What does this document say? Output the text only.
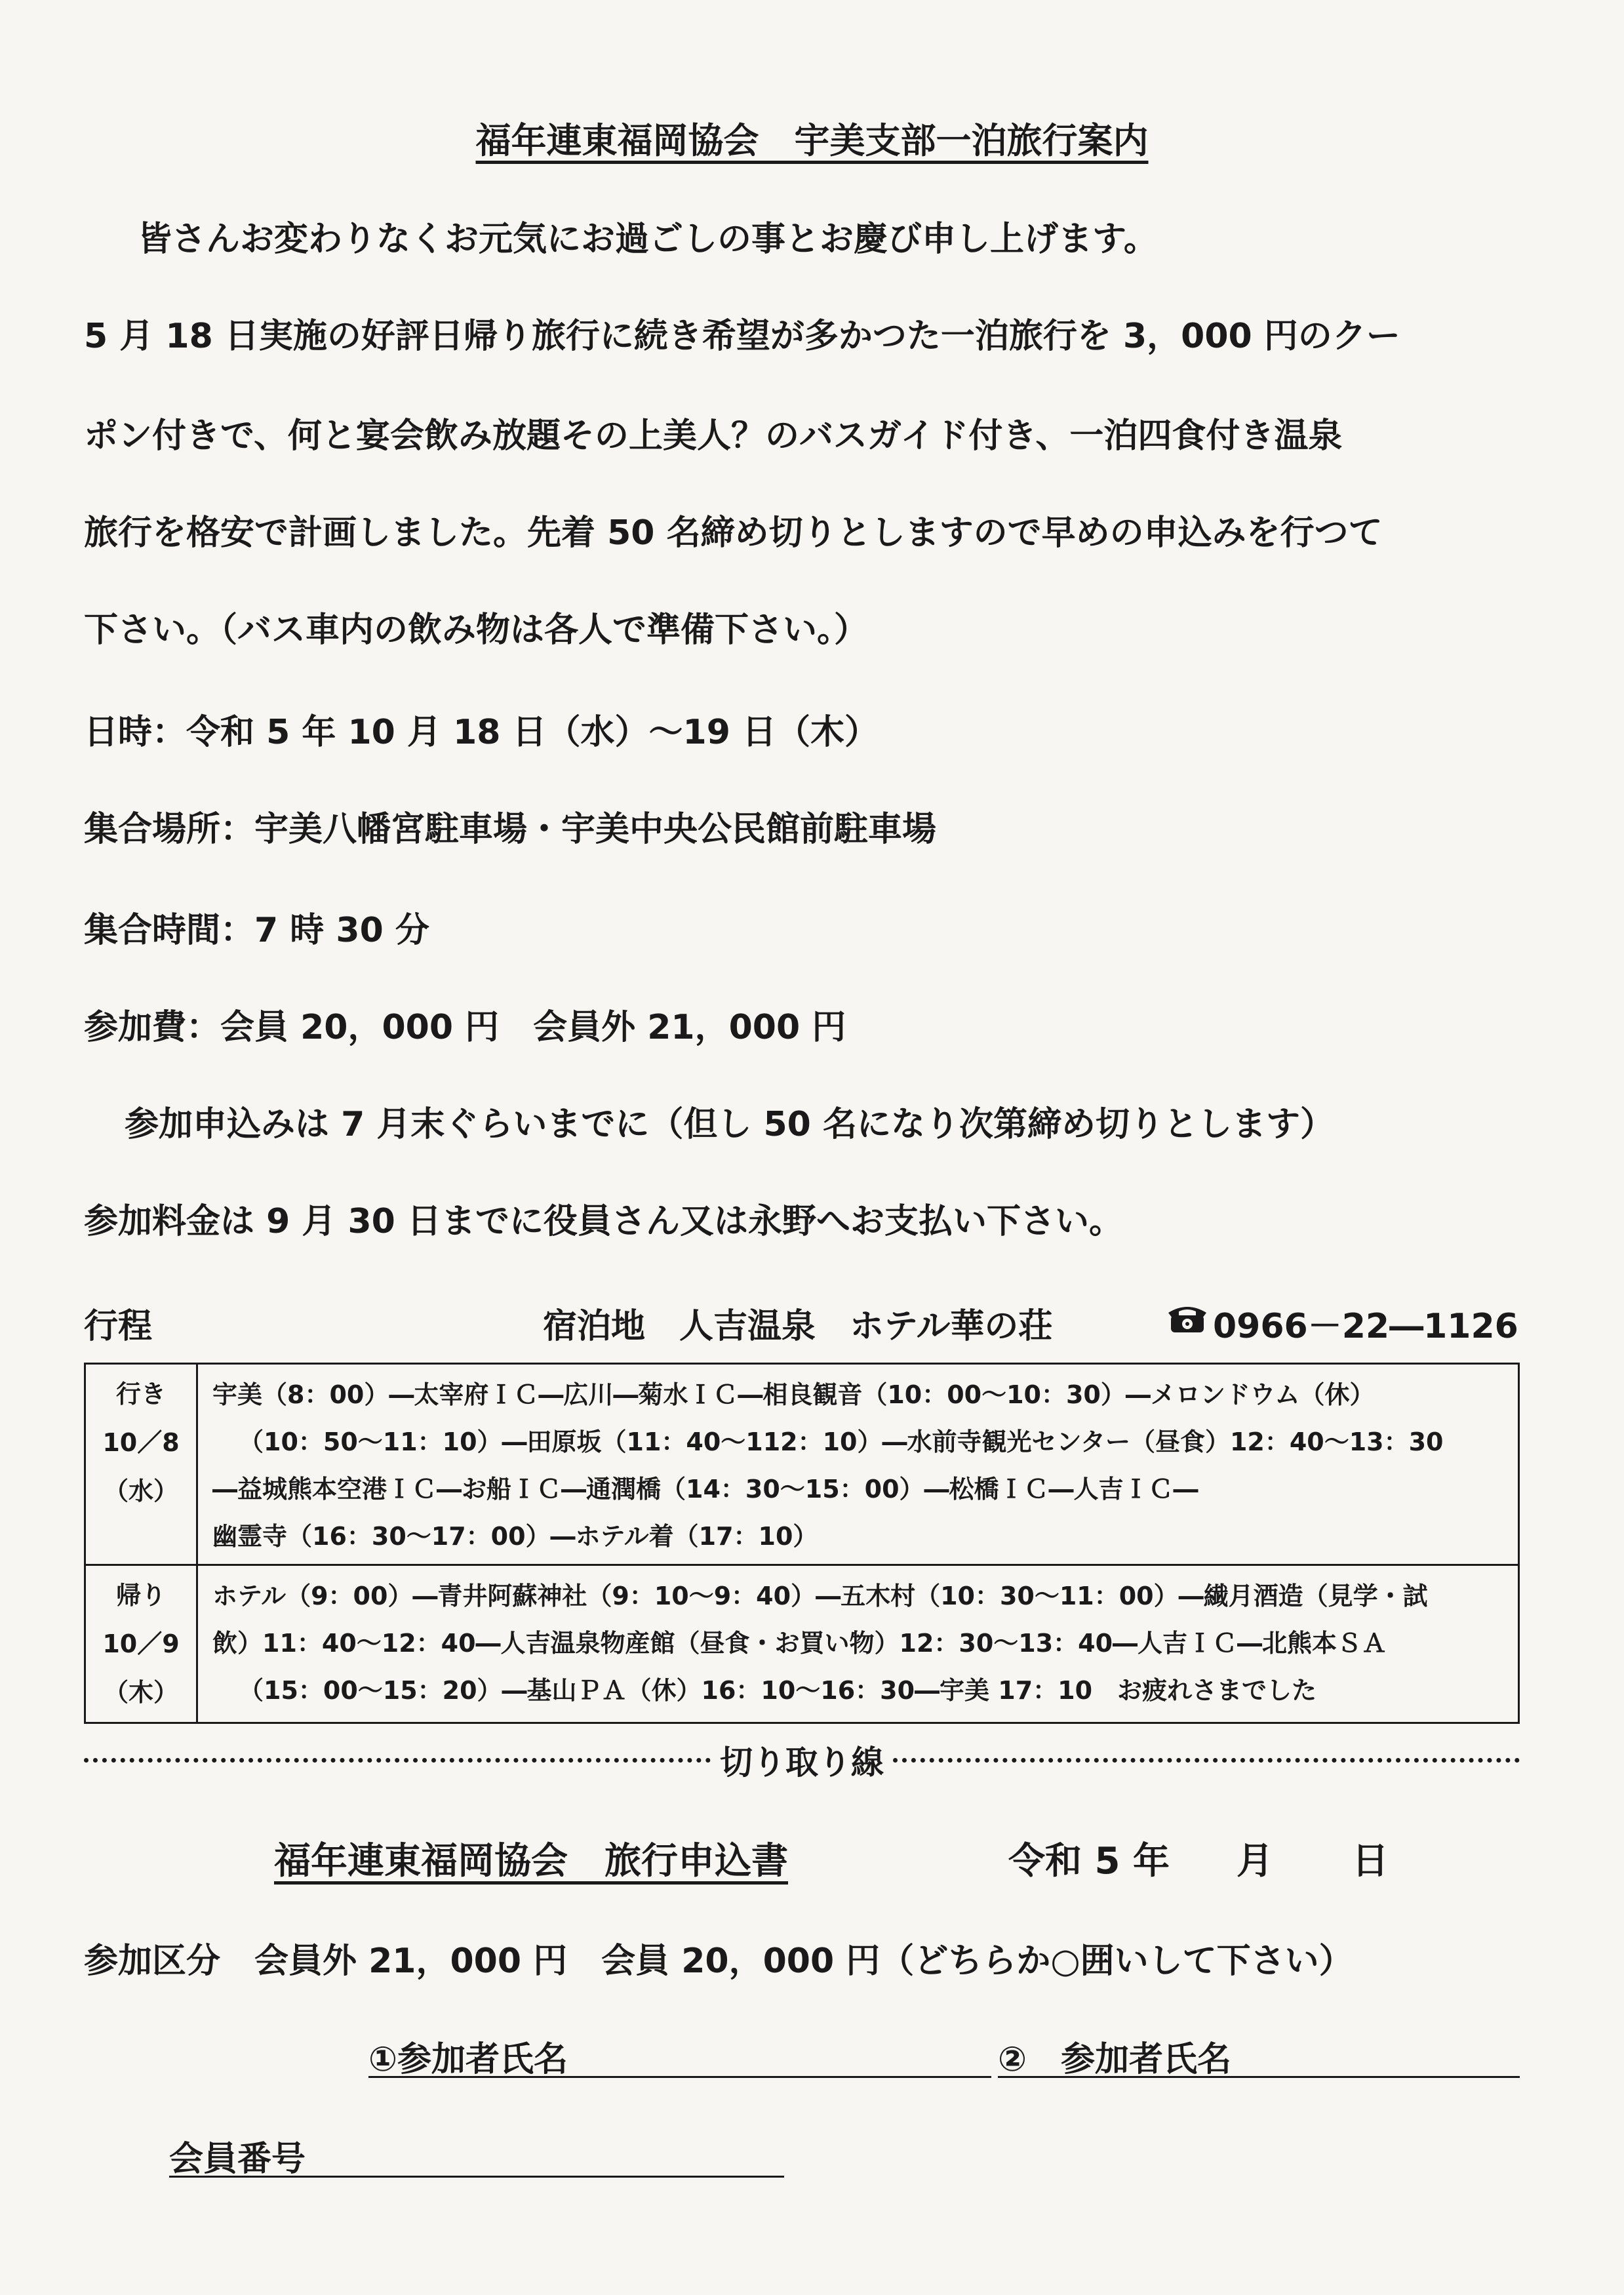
福年連東福岡協会　宇美支部一泊旅行案内
皆さんお変わりなくお元気にお過ごしの事とお慶び申し上げます。
5 月 18 日実施の好評日帰り旅行に続き希望が多かつた一泊旅行を 3，000 円のクー
ポン付きで、何と宴会飲み放題その上美人？のバスガイド付き、一泊四食付き温泉
旅行を格安で計画しました。先着 50 名締め切りとしますので早めの申込みを行つて
下さい。（バス車内の飲み物は各人で準備下さい。）
日時：令和 5 年 10 月 18 日（水）～19 日（木）
集合場所：宇美八幡宮駐車場・宇美中央公民館前駐車場
集合時間：7 時 30 分
参加費：会員 20，000 円　会員外 21，000 円
参加申込みは 7 月末ぐらいまでに（但し 50 名になり次第締め切りとします）
参加料金は 9 月 30 日までに役員さん又は永野へお支払い下さい。
行程	宿泊地　人吉温泉　ホテル華の荘	0966－22―1126
行き
10／8
（水）	宇美（8：00）―太宰府ＩＣ―広川―菊水ＩＣ―相良観音（10：00～10：30）―メロンドウム（休）
（10：50～11：10）―田原坂（11：40～112：10）―水前寺観光センター（昼食）12：40～13：30
―益城熊本空港ＩＣ―お船ＩＣ―通潤橋（14：30～15：00）―松橋ＩＣ―人吉ＩＣ―
幽霊寺（16：30～17：00）―ホテル着（17：10）

帰り
10／9
（木）	ホテル（9：00）―青井阿蘇神社（9：10～9：40）―五木村（10：30～11：00）―繊月酒造（見学・試
飲）11：40～12：40―人吉温泉物産館（昼食・お買い物）12：30～13：40―人吉ＩＣ―北熊本ＳＡ
（15：00～15：20）―基山ＰＡ（休）16：10～16：30―宇美 17：10　お疲れさまでした
切り取り線
福年連東福岡協会　旅行申込書	令和 5 年 月 日
参加区分　会員外 21，000 円　会員 20，000 円（どちらか○囲いして下さい）
①参加者氏名	②　参加者氏名
会員番号
